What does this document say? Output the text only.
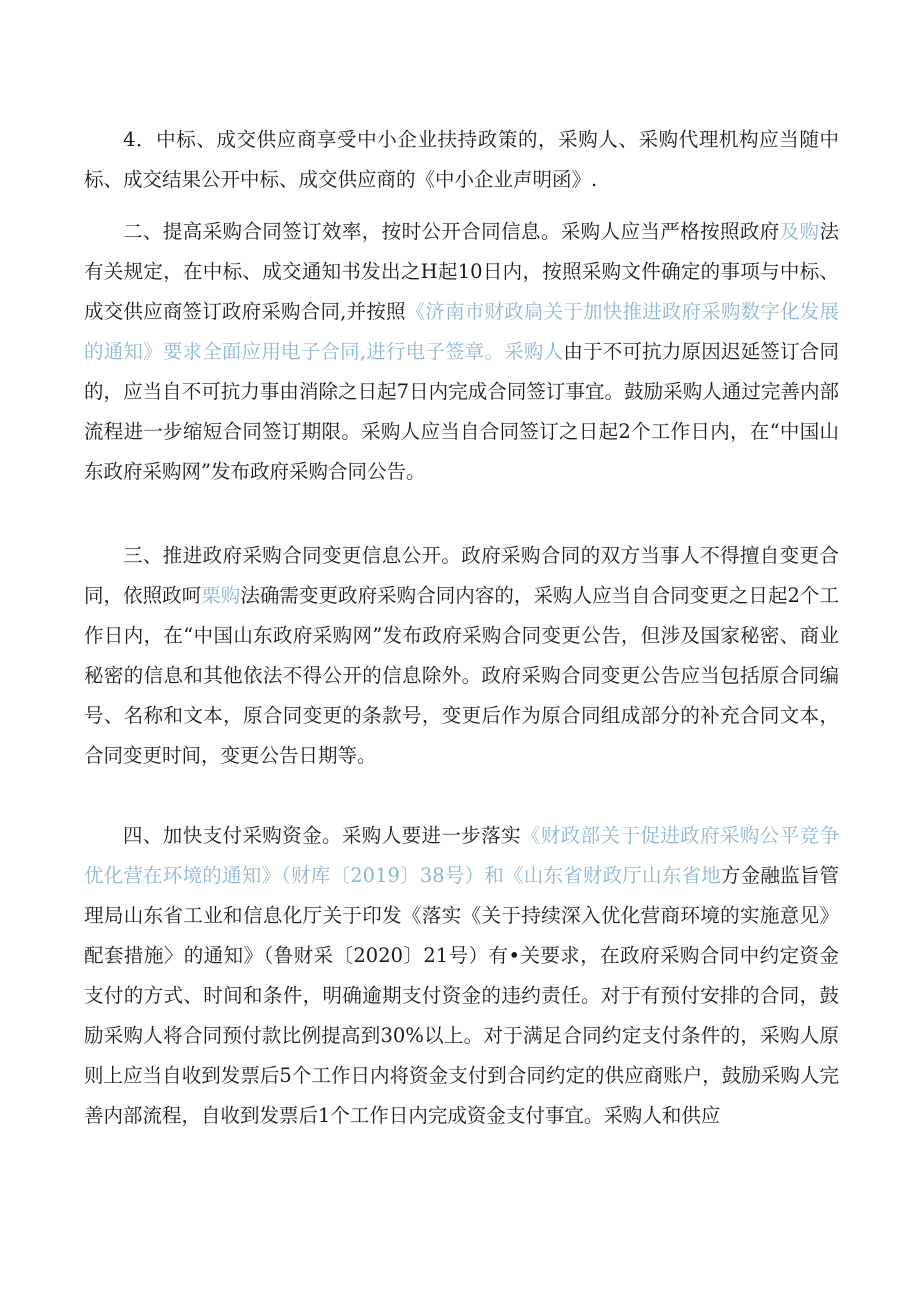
4．中标、成交供应商享受中小企业扶持政策的，采购人、采购代理机构应当随中标、成交结果公开中标、成交供应商的《中小企业声明函》.

二、提高采购合同签订效率，按时公开合同信息。采购人应当严格按照政府及购法有关规定，在中标、成交通知书发出之H起10日内，按照采购文件确定的事项与中标、成交供应商签订政府采购合同,并按照《济南市财政扃关于加快推进政府采购数字化发展的通知》要求全面应用电子合同,进行电子签章。采购人由于不可抗力原因迟延签订合同的，应当自不可抗力事由消除之日起7日内完成合同签订事宜。鼓励采购人通过完善内部流程进一步缩短合同签订期限。采购人应当自合同签订之日起2个工作日内，在“中国山东政府采购网”发布政府采购合同公告。

三、推进政府采购合同变更信息公开。政府采购合同的双方当事人不得擅自变更合同，依照政呵栗购法确需变更政府采购合同内容的，采购人应当自合同变更之日起2个工作日内，在“中国山东政府采购网”发布政府采购合同变更公告，但涉及国家秘密、商业秘密的信息和其他依法不得公开的信息除外。政府采购合同变更公告应当包括原合同编号、名称和文本，原合同变更的条款号，变更后作为原合同组成部分的补充合同文本，合同变更时间，变更公告日期等。

四、加快支付采购资金。采购人要进一步落实《财政部关于促进政府采购公平竞争优化营在环境的通知》（财库〔2019〕38号）和《山东省财政厅山东省地方金融监旨管理局山东省工业和信息化厅关于印发《落实《关于持续深入优化营商环境的实施意见》配套措施〉的通知》（鲁财采〔2020〕21号）有•关要求，在政府采购合同中约定资金支付的方式、时间和条件，明确逾期支付资金的违约责任。对于有预付安排的合同，鼓励采购人将合同预付款比例提高到30%以上。对于满足合同约定支付条件的，采购人原则上应当自收到发票后5个工作日内将资金支付到合同约定的供应商账户，鼓励采购人完善内部流程，自收到发票后1个工作日内完成资金支付事宜。采购人和供应
